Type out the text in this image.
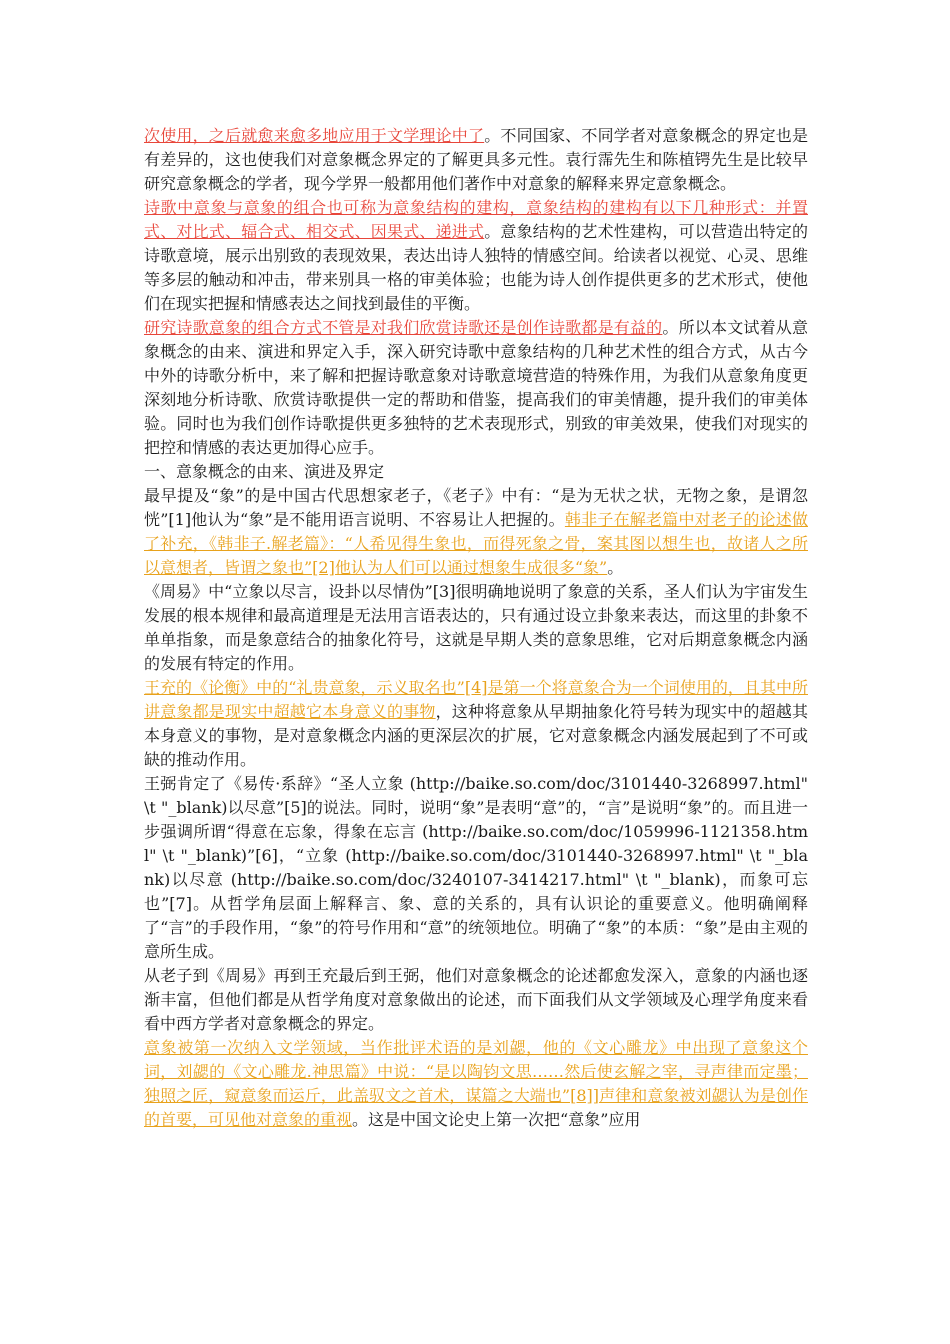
次使用，之后就愈来愈多地应用于文学理论中了。不同国家、不同学者对意象概念的界定也是有差异的，这也使我们对意象概念界定的了解更具多元性。袁行霈先生和陈植锷先生是比较早研究意象概念的学者，现今学界一般都用他们著作中对意象的解释来界定意象概念。

诗歌中意象与意象的组合也可称为意象结构的建构，意象结构的建构有以下几种形式：并置式、对比式、辐合式、相交式、因果式、递进式。意象结构的艺术性建构，可以营造出特定的诗歌意境，展示出别致的表现效果，表达出诗人独特的情感空间。给读者以视觉、心灵、思维等多层的触动和冲击，带来别具一格的审美体验；也能为诗人创作提供更多的艺术形式，使他们在现实把握和情感表达之间找到最佳的平衡。

研究诗歌意象的组合方式不管是对我们欣赏诗歌还是创作诗歌都是有益的。所以本文试着从意象概念的由来、演进和界定入手，深入研究诗歌中意象结构的几种艺术性的组合方式，从古今中外的诗歌分析中，来了解和把握诗歌意象对诗歌意境营造的特殊作用，为我们从意象角度更深刻地分析诗歌、欣赏诗歌提供一定的帮助和借鉴，提高我们的审美情趣，提升我们的审美体验。同时也为我们创作诗歌提供更多独特的艺术表现形式，别致的审美效果，使我们对现实的把控和情感的表达更加得心应手。

一、意象概念的由来、演进及界定

最早提及“象”的是中国古代思想家老子，《老子》中有：“是为无状之状，无物之象，是谓忽恍”[1]他认为“象”是不能用语言说明、不容易让人把握的。韩非子在解老篇中对老子的论述做了补充，《韩非子.解老篇》：“人希见得生象也，而得死象之骨，案其图以想生也，故诸人之所以意想者，皆谓之象也”[2]他认为人们可以通过想象生成很多“象”。

《周易》中“立象以尽言，设卦以尽情伪”[3]很明确地说明了象意的关系，圣人们认为宇宙发生发展的根本规律和最高道理是无法用言语表达的，只有通过设立卦象来表达，而这里的卦象不单单指象，而是象意结合的抽象化符号，这就是早期人类的意象思维，它对后期意象概念内涵的发展有特定的作用。

王充的《论衡》中的“礼贵意象，示义取名也”[4]是第一个将意象合为一个词使用的，且其中所讲意象都是现实中超越它本身意义的事物，这种将意象从早期抽象化符号转为现实中的超越其本身意义的事物，是对意象概念内涵的更深层次的扩展，它对意象概念内涵发展起到了不可或缺的推动作用。

王弼肯定了《易传·系辞》“圣人立象 (http://baike.so.com/doc/3101440-3268997.html" \t "_blank)以尽意”[5]的说法。同时，说明“象”是表明“意”的，“言”是说明“象”的。而且进一步强调所谓“得意在忘象，得象在忘言 (http://baike.so.com/doc/1059996-1121358.html" \t "_blank)”[6]，“立象 (http://baike.so.com/doc/3101440-3268997.html" \t "_blank)以尽意 (http://baike.so.com/doc/3240107-3414217.html" \t "_blank)，而象可忘也”[7]。从哲学角层面上解释言、象、意的关系的，具有认识论的重要意义。他明确阐释了“言”的手段作用，“象”的符号作用和“意”的统领地位。明确了“象”的本质：“象”是由主观的意所生成。

从老子到《周易》再到王充最后到王弼，他们对意象概念的论述都愈发深入，意象的内涵也逐渐丰富，但他们都是从哲学角度对意象做出的论述，而下面我们从文学领域及心理学角度来看看中西方学者对意象概念的界定。

意象被第一次纳入文学领域，当作批评术语的是刘勰，他的《文心雕龙》中出现了意象这个词，刘勰的《文心雕龙.神思篇》中说：“是以陶钧文思……然后使玄解之宰，寻声律而定墨；独照之匠，窥意象而运斤，此盖驭文之首术，谋篇之大端也”[8]]声律和意象被刘勰认为是创作的首要，可见他对意象的重视。这是中国文论史上第一次把“意象”应用
